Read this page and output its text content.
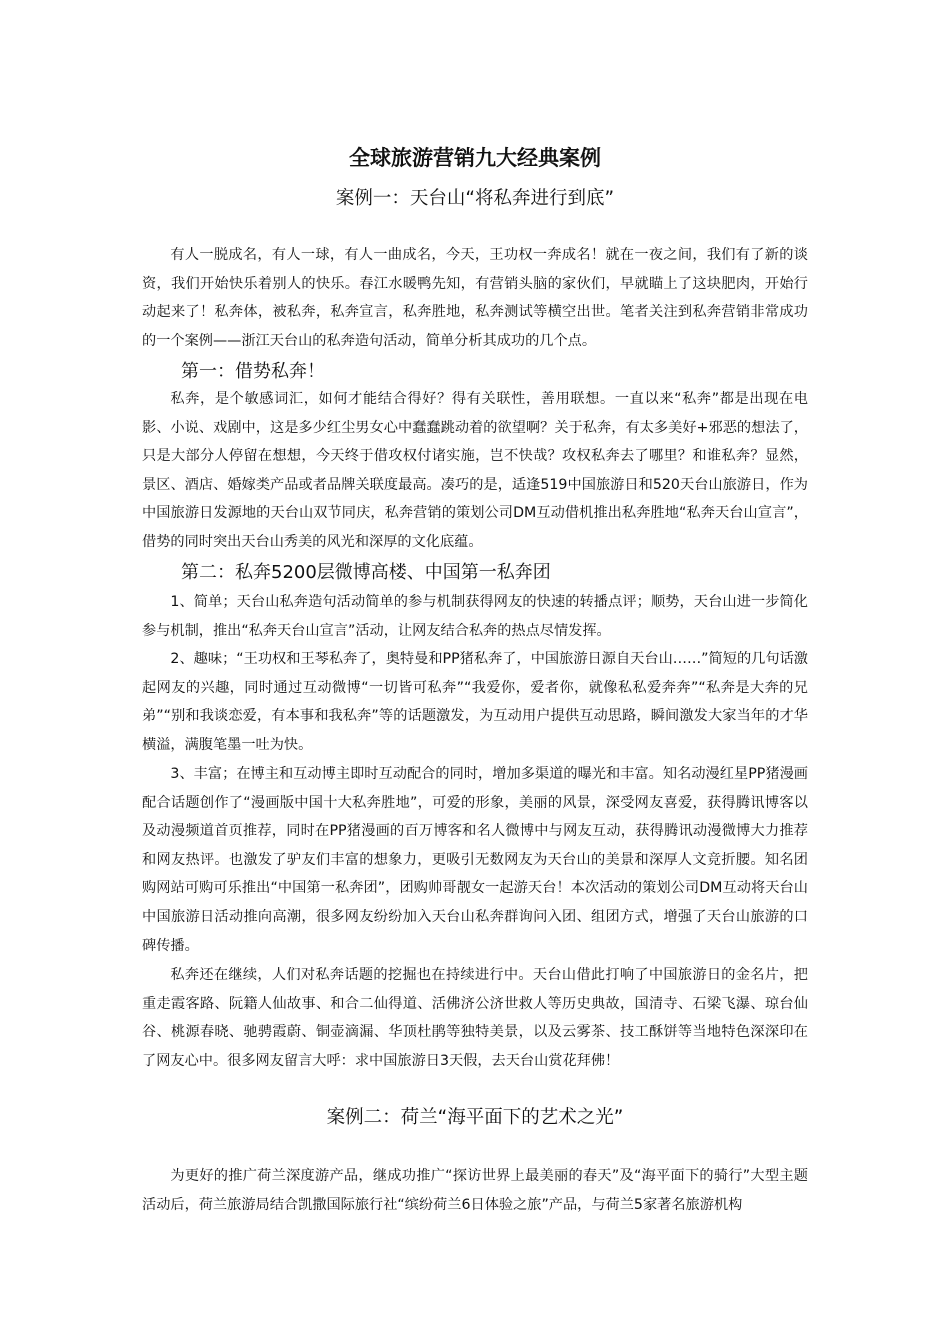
全球旅游营销九大经典案例
案例一：天台山“将私奔进行到底”

有人一脱成名，有人一球，有人一曲成名，今天，王功权一奔成名！就在一夜之间，我们有了新的谈资，我们开始快乐着别人的快乐。春江水暖鸭先知，有营销头脑的家伙们，早就瞄上了这块肥肉，开始行动起来了！私奔体，被私奔，私奔宣言，私奔胜地，私奔测试等横空出世。笔者关注到私奔营销非常成功的一个案例——浙江天台山的私奔造句活动，简单分析其成功的几个点。

第一：借势私奔！

私奔，是个敏感词汇，如何才能结合得好？得有关联性，善用联想。一直以来“私奔”都是出现在电影、小说、戏剧中，这是多少红尘男女心中蠢蠢跳动着的欲望啊？关于私奔，有太多美好+邪恶的想法了，只是大部分人停留在想想，今天终于借攻权付诸实施，岂不快哉？攻权私奔去了哪里？和谁私奔？显然，景区、酒店、婚嫁类产品或者品牌关联度最高。凑巧的是，适逢519中国旅游日和520天台山旅游日，作为中国旅游日发源地的天台山双节同庆，私奔营销的策划公司DM互动借机推出私奔胜地“私奔天台山宣言”，借势的同时突出天台山秀美的风光和深厚的文化底蕴。

第二：私奔5200层微博高楼、中国第一私奔团

1、简单；天台山私奔造句活动简单的参与机制获得网友的快速的转播点评；顺势，天台山进一步简化参与机制，推出“私奔天台山宣言”活动，让网友结合私奔的热点尽情发挥。

2、趣味；“王功权和王琴私奔了，奥特曼和PP猪私奔了，中国旅游日源自天台山……”简短的几句话激起网友的兴趣，同时通过互动微博“一切皆可私奔”“我爱你，爱者你，就像私私爱奔奔”“私奔是大奔的兄弟”“别和我谈恋爱，有本事和我私奔”等的话题激发，为互动用户提供互动思路，瞬间激发大家当年的才华横溢，满腹笔墨一吐为快。

3、丰富；在博主和互动博主即时互动配合的同时，增加多渠道的曝光和丰富。知名动漫红星PP猪漫画配合话题创作了“漫画版中国十大私奔胜地”，可爱的形象，美丽的风景，深受网友喜爱，获得腾讯博客以及动漫频道首页推荐，同时在PP猪漫画的百万博客和名人微博中与网友互动，获得腾讯动漫微博大力推荐和网友热评。也激发了驴友们丰富的想象力，更吸引无数网友为天台山的美景和深厚人文竞折腰。知名团购网站可购可乐推出“中国第一私奔团”，团购帅哥靓女一起游天台！本次活动的策划公司DM互动将天台山中国旅游日活动推向高潮，很多网友纷纷加入天台山私奔群询问入团、组团方式，增强了天台山旅游的口碑传播。

私奔还在继续，人们对私奔话题的挖掘也在持续进行中。天台山借此打响了中国旅游日的金名片，把重走霞客路、阮籍人仙故事、和合二仙得道、活佛济公济世救人等历史典故，国清寺、石梁飞瀑、琼台仙谷、桃源春晓、驰骋霞蔚、铜壶滴漏、华顶杜鹃等独特美景，以及云雾茶、技工酥饼等当地特色深深印在了网友心中。很多网友留言大呼：求中国旅游日3天假，去天台山赏花拜佛！

案例二：荷兰“海平面下的艺术之光”

为更好的推广荷兰深度游产品，继成功推广“探访世界上最美丽的春天”及“海平面下的骑行”大型主题活动后，荷兰旅游局结合凯撒国际旅行社“缤纷荷兰6日体验之旅”产品，与荷兰5家著名旅游机构
